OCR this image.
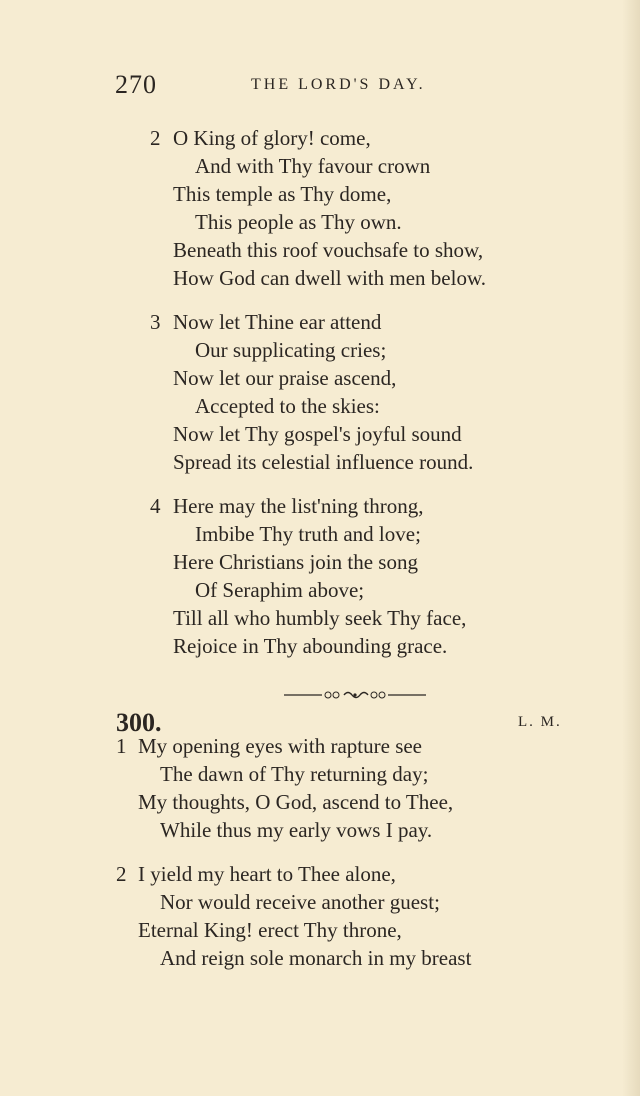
270	THE LORD'S DAY.
2 O King of glory! come,
And with Thy favour crown
This temple as Thy dome,
This people as Thy own.
Beneath this roof vouchsafe to show,
How God can dwell with men below.
3 Now let Thine ear attend
Our supplicating cries;
Now let our praise ascend,
Accepted to the skies:
Now let Thy gospel's joyful sound
Spread its celestial influence round.
4 Here may the list'ning throng,
Imbibe Thy truth and love;
Here Christians join the song
Of Seraphim above;
Till all who humbly seek Thy face,
Rejoice in Thy abounding grace.
300.	L. M.
1 My opening eyes with rapture see
The dawn of Thy returning day;
My thoughts, O God, ascend to Thee,
While thus my early vows I pay.
2 I yield my heart to Thee alone,
Nor would receive another guest;
Eternal King! erect Thy throne,
And reign sole monarch in my breast
